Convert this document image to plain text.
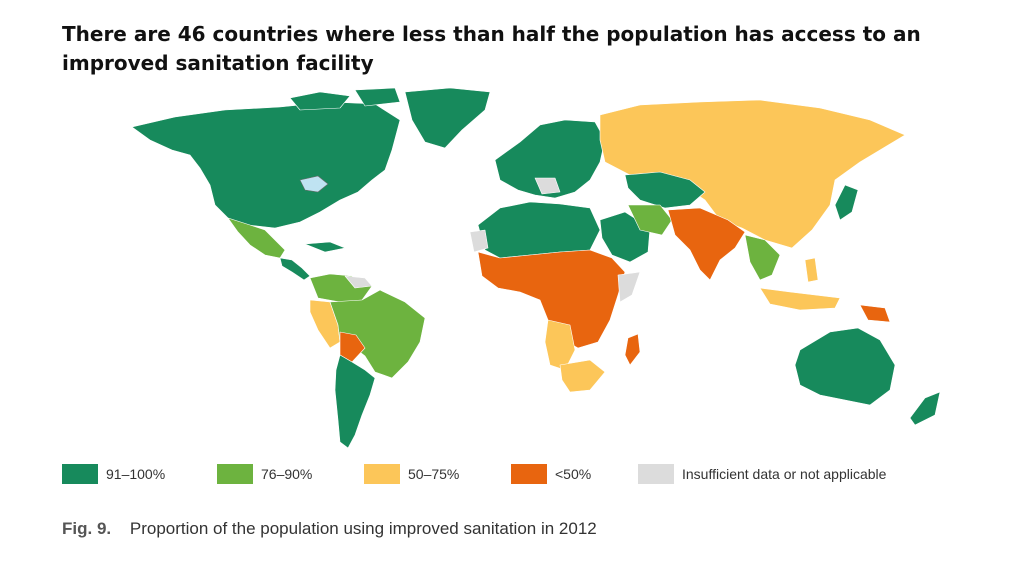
There are 46 countries where less than half the population has access to an improved sanitation facility
91–100%	76–90%	50–75%	<50%	Insufficient data or not applicable
Fig. 9. Proportion of the population using improved sanitation in 2012
